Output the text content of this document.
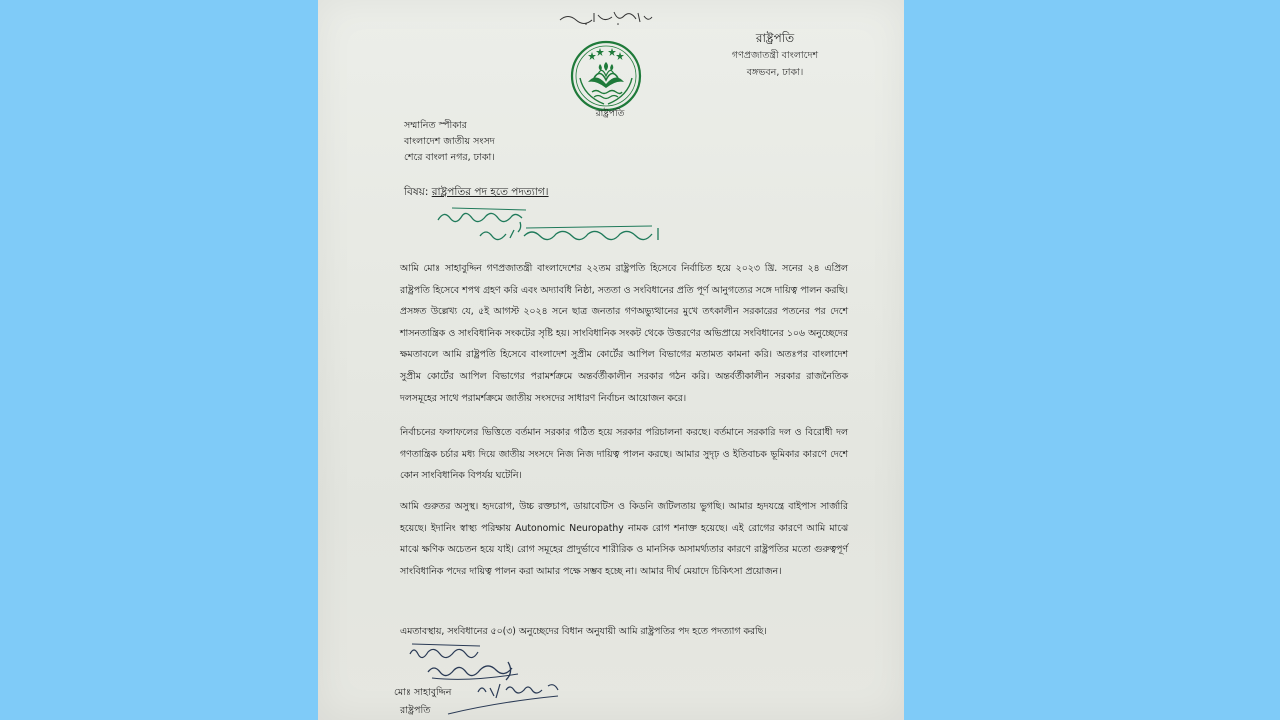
রাষ্ট্রপতি
রাষ্ট্রপতি
গণপ্রজাতন্ত্রী বাংলাদেশ
বঙ্গভবন, ঢাকা।
সম্মানিত স্পীকার
বাংলাদেশ জাতীয় সংসদ
শেরে বাংলা নগর, ঢাকা।
বিষয়: রাষ্ট্রপতির পদ হতে পদত্যাগ।

আমি মোঃ সাহাবুদ্দিন গণপ্রজাতন্ত্রী বাংলাদেশের ২২তম রাষ্ট্রপতি হিসেবে নির্বাচিত হয়ে ২০২৩ খ্রি. সনের ২৪ এপ্রিল রাষ্ট্রপতি হিসেবে শপথ গ্রহণ করি এবং অদ্যাবধি নিষ্ঠা, সততা ও সংবিধানের প্রতি পূর্ণ আনুগত্যের সঙ্গে দায়িত্ব পালন করছি। প্রসঙ্গত উল্লেখ্য যে, ৫ই আগস্ট ২০২৪ সনে ছাত্র জনতার গণঅভ্যুত্থানের মুখে তৎকালীন সরকারের পতনের পর দেশে শাসনতান্ত্রিক ও সাংবিধানিক সংকটের সৃষ্টি হয়। সাংবিধানিক সংকট থেকে উত্তরণের অভিপ্রায়ে সংবিধানের ১০৬ অনুচ্ছেদের ক্ষমতাবলে আমি রাষ্ট্রপতি হিসেবে বাংলাদেশ সুপ্রীম কোর্টের আপিল বিভাগের মতামত কামনা করি। অতঃপর বাংলাদেশ সুপ্রীম কোর্টের আপিল বিভাগের পরামর্শক্রমে অন্তর্বর্তীকালীন সরকার গঠন করি। অন্তর্বর্তীকালীন সরকার রাজনৈতিক দলসমূহের সাথে পরামর্শক্রমে জাতীয় সংসদের সাধারণ নির্বাচন আয়োজন করে।

নির্বাচনের ফলাফলের ভিত্তিতে বর্তমান সরকার গঠিত হয়ে সরকার পরিচালনা করছে। বর্তমানে সরকারি দল ও বিরোধী দল গণতান্ত্রিক চর্চার মধ্য দিয়ে জাতীয় সংসদে নিজ নিজ দায়িত্ব পালন করছে। আমার সুদৃঢ় ও ইতিবাচক ভূমিকার কারণে দেশে কোন সাংবিধানিক বিপর্যয় ঘটেনি।

আমি গুরুতর অসুস্থ। হৃদরোগ, উচ্চ রক্তচাপ, ডায়াবেটিস ও কিডনি জটিলতায় ভুগছি। আমার হৃদযন্ত্রে বাইপাস সার্জারি হয়েছে। ইদানিং স্বাস্থ্য পরিক্ষায় Autonomic Neuropathy নামক রোগ শনাক্ত হয়েছে। এই রোগের কারণে আমি মাঝে মাঝে ক্ষণিক অচেতন হয়ে যাই। রোগ সমূহের প্রাদুর্ভাবে শারীরিক ও মানসিক অসামর্থ্যতার কারণে রাষ্ট্রপতির মতো গুরুত্বপূর্ণ সাংবিধানিক পদের দায়িত্ব পালন করা আমার পক্ষে সম্ভব হচ্ছে না। আমার দীর্ঘ মেয়াদে চিকিৎসা প্রয়োজন।

এমতাবস্থায়, সংবিধানের ৫০(৩) অনুচ্ছেদের বিধান অনুযায়ী আমি রাষ্ট্রপতির পদ হতে পদত্যাগ করছি।

মোঃ সাহাবুদ্দিন
রাষ্ট্রপতি
